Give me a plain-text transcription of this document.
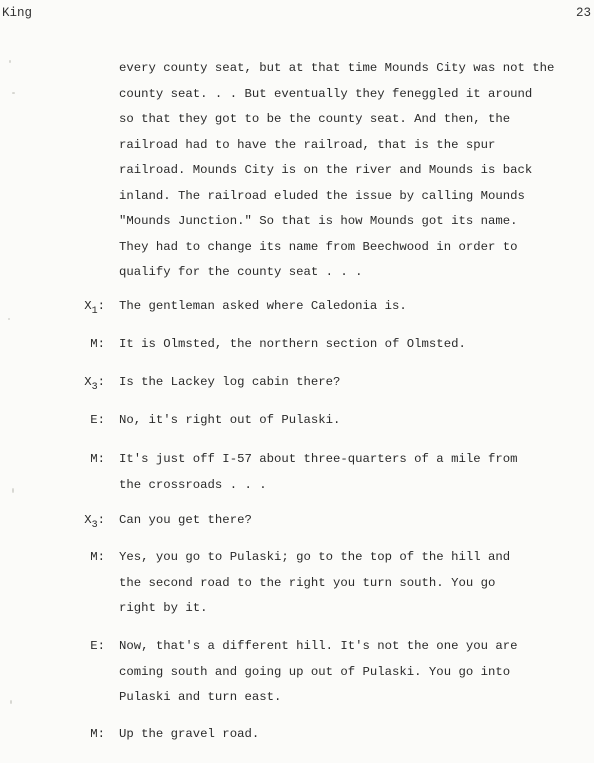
King	23
every county seat, but at that time Mounds City was not the
county seat. . . But eventually they feneggled it around
so that they got to be the county seat. And then, the
railroad had to have the railroad, that is the spur
railroad. Mounds City is on the river and Mounds is back
inland. The railroad eluded the issue by calling Mounds
"Mounds Junction." So that is how Mounds got its name.
They had to change its name from Beechwood in order to
qualify for the county seat . . .
$X_1$: The gentleman asked where Caledonia is.
M: It is Olmsted, the northern section of Olmsted.
$X_3$: Is the Lackey log cabin there?
E: No, it's right out of Pulaski.
M: It's just off I-57 about three-quarters of a mile from
the crossroads . . .
$X_3$: Can you get there?
M: Yes, you go to Pulaski; go to the top of the hill and
the second road to the right you turn south. You go
right by it.
E: Now, that's a different hill. It's not the one you are
coming south and going up out of Pulaski. You go into
Pulaski and turn east.
M: Up the gravel road.
